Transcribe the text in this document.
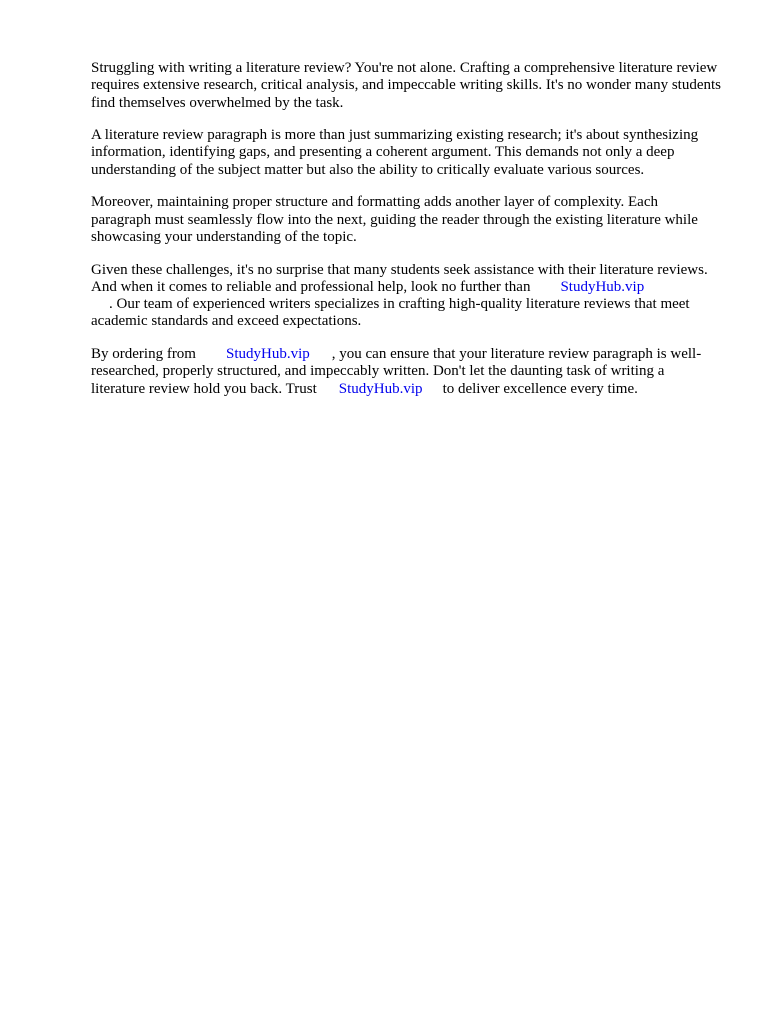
Struggling with writing a literature review? You're not alone. Crafting a comprehensive literature review requires extensive research, critical analysis, and impeccable writing skills. It's no wonder many students find themselves overwhelmed by the task.

A literature review paragraph is more than just summarizing existing research; it's about synthesizing information, identifying gaps, and presenting a coherent argument. This demands not only a deep understanding of the subject matter but also the ability to critically evaluate various sources.

Moreover, maintaining proper structure and formatting adds another layer of complexity. Each paragraph must seamlessly flow into the next, guiding the reader through the existing literature while showcasing your understanding of the topic.

Given these challenges, it's no surprise that many students seek assistance with their literature reviews. And when it comes to reliable and professional help, look no further than StudyHub.vip
. Our team of experienced writers specializes in crafting high-quality literature reviews that meet academic standards and exceed expectations.

By ordering from StudyHub.vip , you can ensure that your literature review paragraph is well-researched, properly structured, and impeccably written. Don't let the daunting task of writing a literature review hold you back. Trust StudyHub.vip to deliver excellence every time.
